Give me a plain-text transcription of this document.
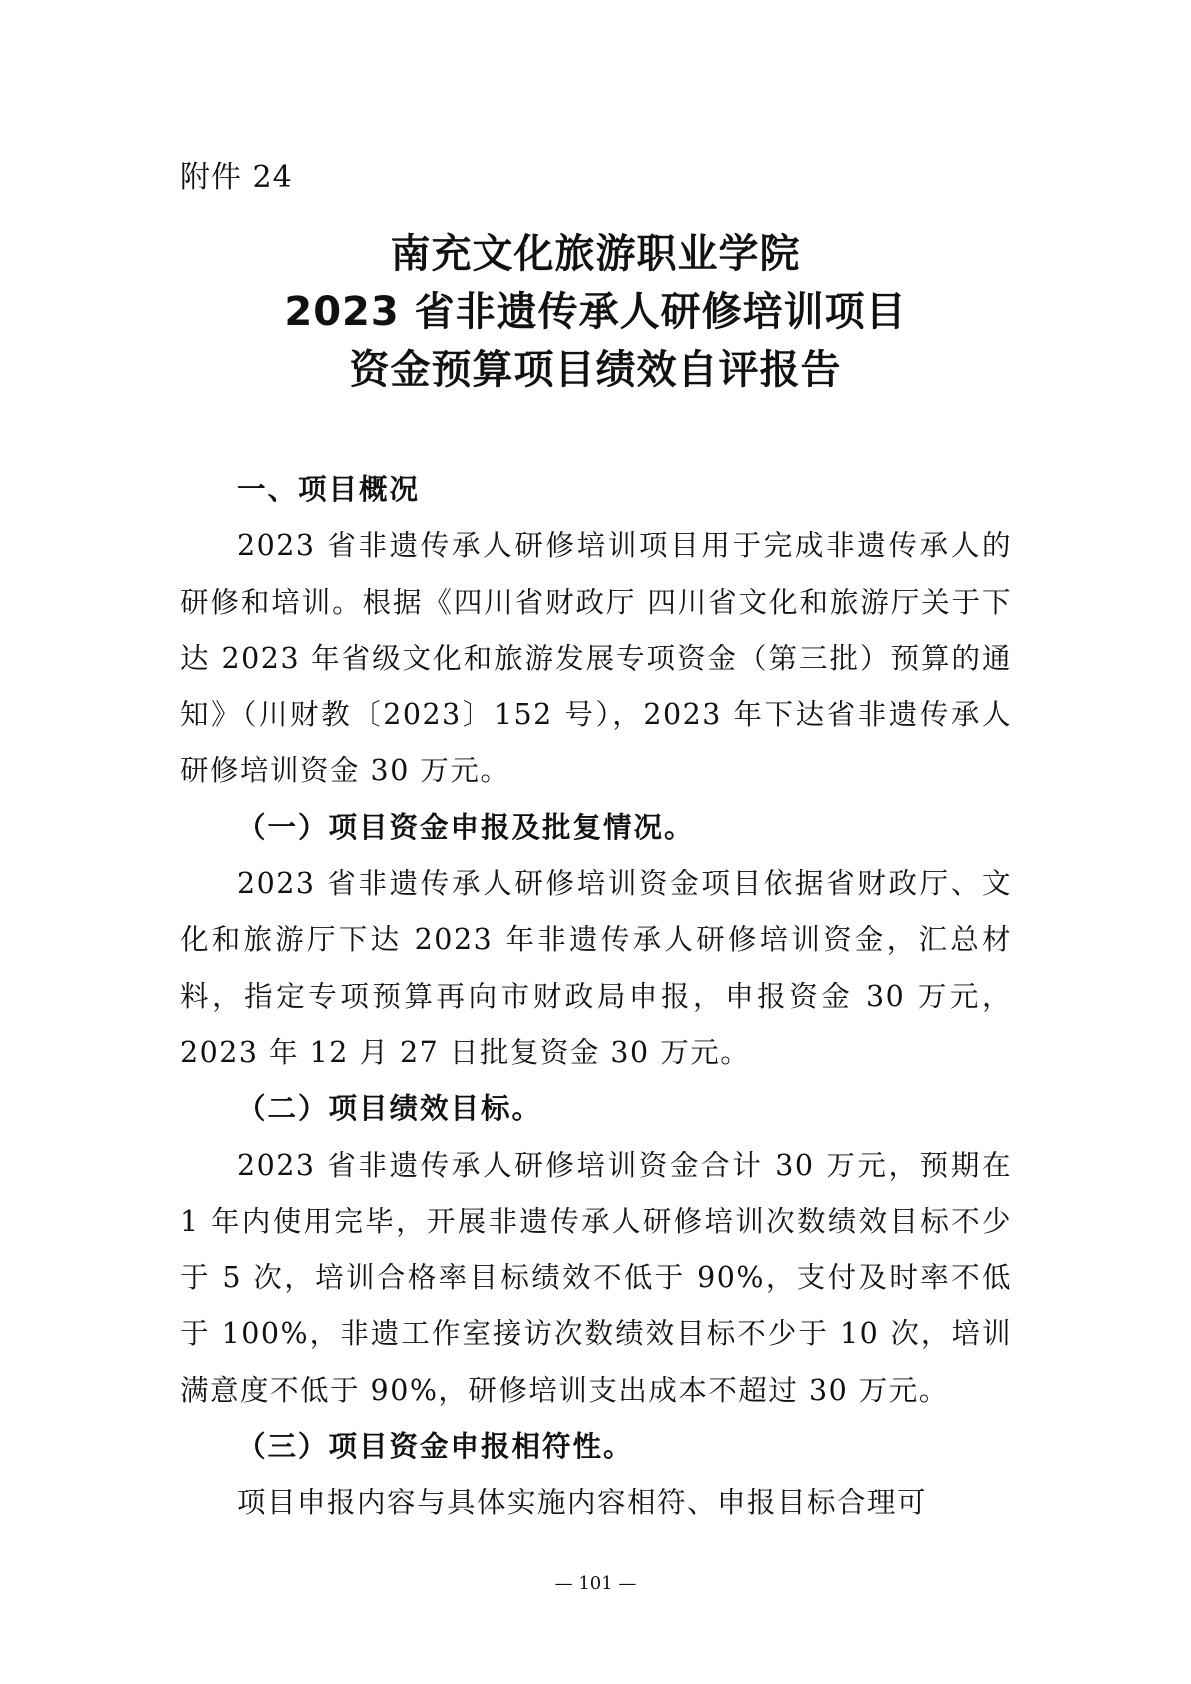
附件 24
南充文化旅游职业学院
2023 省非遗传承人研修培训项目
资金预算项目绩效自评报告

一、项目概况

2023 省非遗传承人研修培训项目用于完成非遗传承人的研修和培训。根据《四川省财政厅 四川省文化和旅游厅关于下达 2023 年省级文化和旅游发展专项资金（第三批）预算的通知》（川财教〔2023〕152 号），2023 年下达省非遗传承人研修培训资金 30 万元。

（一）项目资金申报及批复情况。

2023 省非遗传承人研修培训资金项目依据省财政厅、文化和旅游厅下达 2023 年非遗传承人研修培训资金，汇总材料，指定专项预算再向市财政局申报，申报资金 30 万元，2023 年 12 月 27 日批复资金 30 万元。

（二）项目绩效目标。

2023 省非遗传承人研修培训资金合计 30 万元，预期在 1 年内使用完毕，开展非遗传承人研修培训次数绩效目标不少于 5 次，培训合格率目标绩效不低于 90%，支付及时率不低于 100%，非遗工作室接访次数绩效目标不少于 10 次，培训满意度不低于 90%，研修培训支出成本不超过 30 万元。

（三）项目资金申报相符性。

项目申报内容与具体实施内容相符、申报目标合理可

— 101 —
